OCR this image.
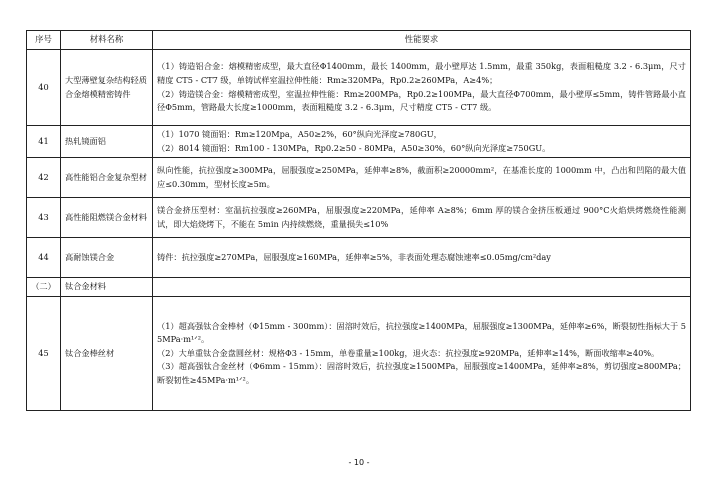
序号	材料名称	性能要求
40	大型薄壁复杂结构轻质合金熔模精密铸件	（1）铸造铝合金：熔模精密成型，最大直径Φ1400mm，最长 1400mm，最小壁厚达 1.5mm，最重 350kg，表面粗糙度 3.2 - 6.3μm，尺寸精度 CT5 - CT7 级，单铸试样室温拉伸性能：Rm≥320MPa，Rp0.2≥260MPa，A≥4%；
（2）铸造镁合金：熔模精密成型，室温拉伸性能：Rm≥200MPa，Rp0.2≥100MPa，最大直径Φ700mm，最小壁厚≤5mm，铸件管路最小直径Φ5mm，管路最大长度≥1000mm，表面粗糙度 3.2 - 6.3μm，尺寸精度 CT5 - CT7 级。

41	热轧镜面铝	（1）1070 镜面铝：Rm≥120Mpa，A50≥2%，60°纵向光泽度≥780GU，
（2）8014 镜面铝：Rm100 - 130MPa，Rp0.2≥50 - 80MPa，A50≥30%，60°纵向光泽度≥750GU。

42	高性能铝合金复杂型材	纵向性能，抗拉强度≥300MPa，屈服强度≥250MPa，延伸率≥8%，截面积≥20000mm²，在基准长度的 1000mm 中，凸出和凹陷的最大值应≤0.30mm，型材长度≥5m。

43	高性能阻燃镁合金材料	镁合金挤压型材：室温抗拉强度≥260MPa，屈服强度≥220MPa，延伸率 A≥8%；6mm 厚的镁合金挤压板通过 900°C火焰烘烤燃烧性能测试，即大焰烧烤下，不能在 5min 内持续燃烧，重量损失≤10%

44	高耐蚀镁合金	铸件：抗拉强度≥270MPa，屈服强度≥160MPa，延伸率≥5%，非表面处理态腐蚀速率≤0.05mg/cm²day

（二）	钛合金材料	
45	钛合金棒丝材	（1）超高强钛合金棒材（Φ15mm - 300mm）：固溶时效后，抗拉强度≥1400MPa，屈服强度≥1300MPa，延伸率≥6%，断裂韧性指标大于 55MPa·m¹ᐟ²。
（2）大单重钛合金盘圆丝材：规格Φ3 - 15mm，单卷重量≥100kg，退火态：抗拉强度≥920MPa，延伸率≥14%，断面收缩率≥40%。
（3）超高强钛合金丝材（Φ6mm - 15mm）：固溶时效后，抗拉强度≥1500MPa，屈服强度≥1400MPa，延伸率≥8%，剪切强度≥800MPa；断裂韧性≥45MPa·m¹ᐟ²。
- 10 -
